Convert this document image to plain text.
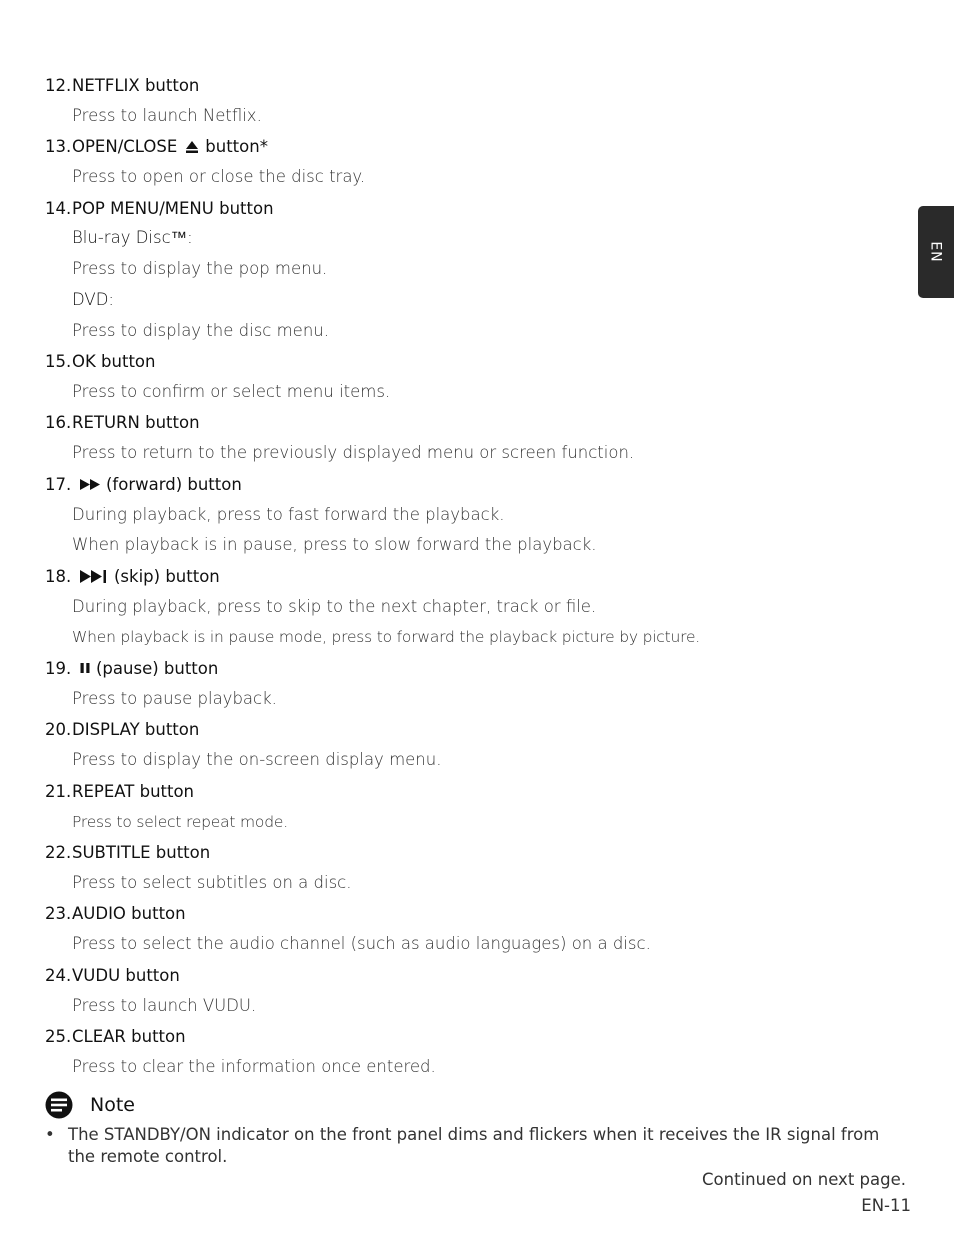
EN
12. NETFLIX button
Press to launch Netflix.
13. OPEN/CLOSE button*
Press to open or close the disc tray.
14. POP MENU/MENU button
Blu-ray Disc™:
Press to display the pop menu.
DVD:
Press to display the disc menu.
15. OK button
Press to confirm or select menu items.
16. RETURN button
Press to return to the previously displayed menu or screen function.
17. (forward) button
During playback, press to fast forward the playback.
When playback is in pause, press to slow forward the playback.
18.	(skip) button
During playback, press to skip to the next chapter, track or file.
When playback is in pause mode, press to forward the playback picture by picture.
19. (pause) button
Press to pause playback.
20. DISPLAY button
Press to display the on-screen display menu.
21. REPEAT button
Press to select repeat mode.
22. SUBTITLE button
Press to select subtitles on a disc.
23. AUDIO button
Press to select the audio channel (such as audio languages) on a disc.
24. VUDU button
Press to launch VUDU.
25. CLEAR button
Press to clear the information once entered.
Note
• The STANDBY/ON indicator on the front panel dims and flickers when it receives the IR signal from the remote control.
Continued on next page.
EN-11
